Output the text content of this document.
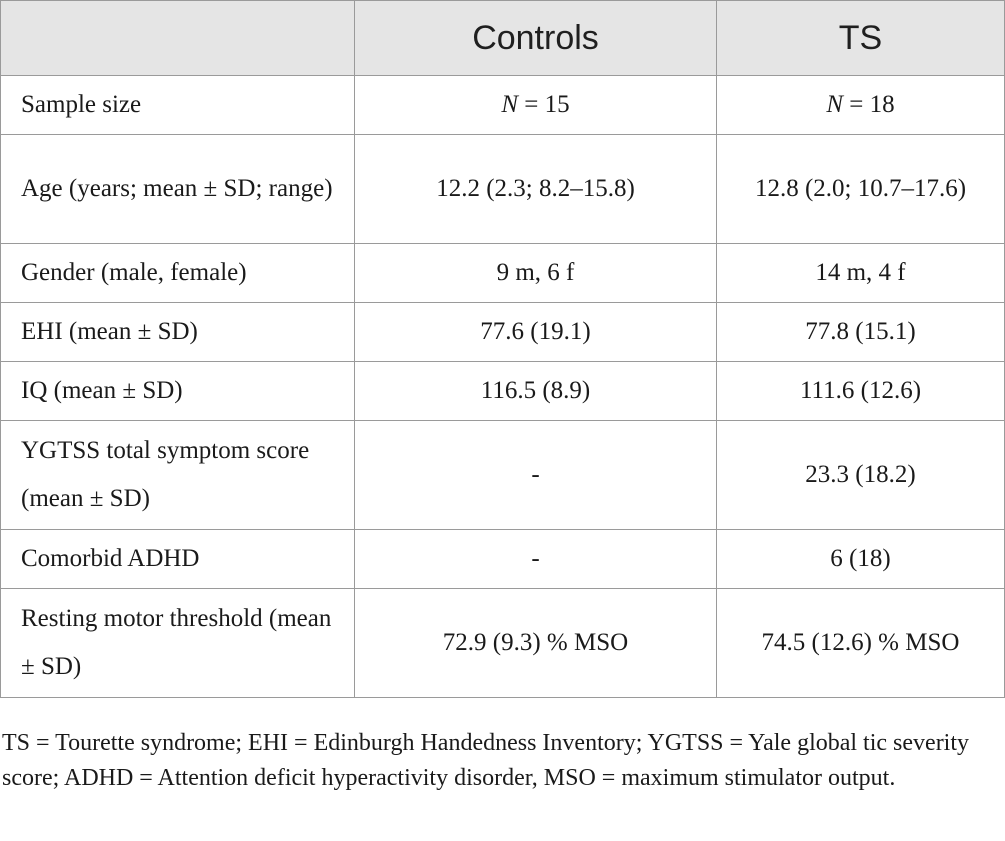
	Controls	TS
Sample size	N = 15	N = 18
Age (years; mean ± SD; range)	12.2 (2.3; 8.2–15.8)	12.8 (2.0; 10.7–17.6)
Gender (male, female)	9 m, 6 f	14 m, 4 f
EHI (mean ± SD)	77.6 (19.1)	77.8 (15.1)
IQ (mean ± SD)	116.5 (8.9)	111.6 (12.6)
YGTSS total symptom score (mean ± SD)	-	23.3 (18.2)
Comorbid ADHD	-	6 (18)
Resting motor threshold (mean ± SD)	72.9 (9.3) % MSO	74.5 (12.6) % MSO

TS = Tourette syndrome; EHI = Edinburgh Handedness Inventory; YGTSS = Yale global tic severity score; ADHD = Attention deficit hyperactivity disorder, MSO = maximum stimulator output.
